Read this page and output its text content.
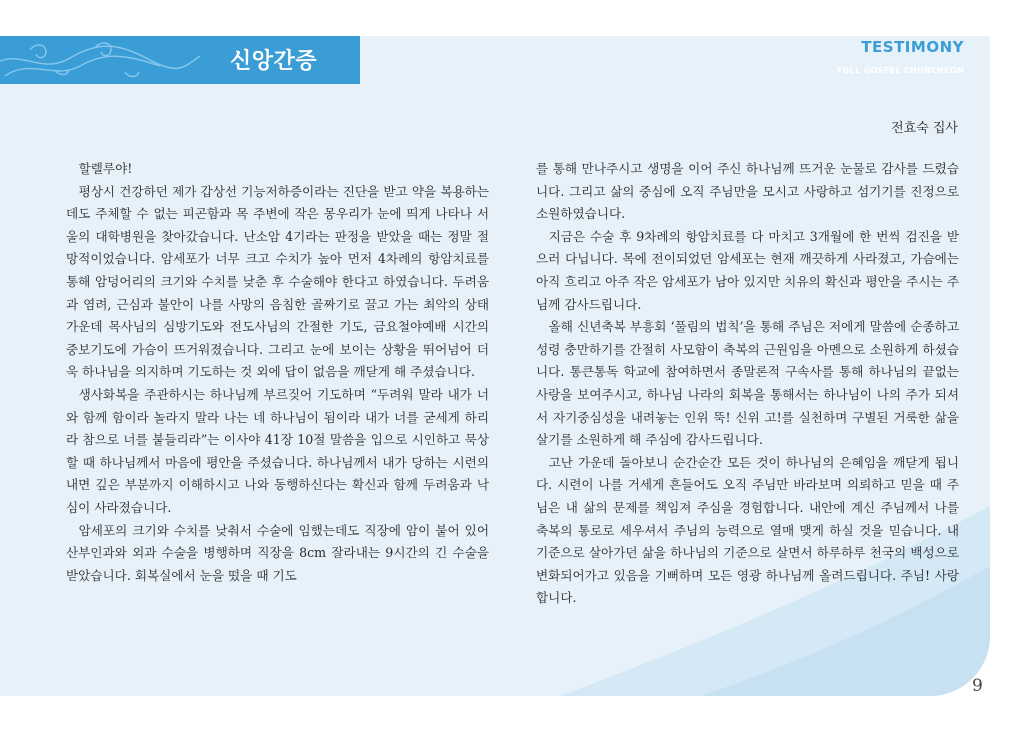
신앙간증
TESTIMONY
FULL GOSPEL CHUNCHEON
전효숙 집사

할렐루야!

평상시 건강하던 제가 갑상선 기능저하증이라는 진단을 받고 약을 복용하는데도 주체할 수 없는 피곤함과 목 주변에 작은 몽우리가 눈에 띄게 나타나 서울의 대학병원을 찾아갔습니다. 난소암 4기라는 판정을 받았을 때는 정말 절망적이었습니다. 암세포가 너무 크고 수치가 높아 먼저 4차례의 항암치료를 통해 암덩어리의 크기와 수치를 낮춘 후 수술해야 한다고 하였습니다. 두려움과 염려, 근심과 불안이 나를 사망의 음침한 골짜기로 끌고 가는 최악의 상태 가운데 목사님의 심방기도와 전도사님의 간절한 기도, 금요철야예배 시간의 중보기도에 가슴이 뜨거워졌습니다. 그리고 눈에 보이는 상황을 뛰어넘어 더욱 하나님을 의지하며 기도하는 것 외에 답이 없음을 깨닫게 해 주셨습니다.

생사화복을 주관하시는 하나님께 부르짖어 기도하며 “두려워 말라 내가 너와 함께 함이라 놀라지 말라 나는 네 하나님이 됨이라 내가 너를 굳세게 하리라 참으로 너를 붙들리라”는 이사야 41장 10절 말씀을 입으로 시인하고 묵상할 때 하나님께서 마음에 평안을 주셨습니다. 하나님께서 내가 당하는 시련의 내면 깊은 부분까지 이해하시고 나와 동행하신다는 확신과 함께 두려움과 낙심이 사라졌습니다.

암세포의 크기와 수치를 낮춰서 수술에 임했는데도 직장에 암이 붙어 있어 산부인과와 외과 수술을 병행하며 직장을 8cm 잘라내는 9시간의 긴 수술을 받았습니다. 회복실에서 눈을 떴을 때 기도

를 통해 만나주시고 생명을 이어 주신 하나님께 뜨거운 눈물로 감사를 드렸습니다. 그리고 삶의 중심에 오직 주님만을 모시고 사랑하고 섬기기를 진정으로 소원하였습니다.

지금은 수술 후 9차례의 항암치료를 다 마치고 3개월에 한 번씩 검진을 받으러 다닙니다. 목에 전이되었던 암세포는 현재 깨끗하게 사라졌고, 가슴에는 아직 흐리고 아주 작은 암세포가 남아 있지만 치유의 확신과 평안을 주시는 주님께 감사드립니다.

올해 신년축복 부흥회 ‘풀림의 법칙’을 통해 주님은 저에게 말씀에 순종하고 성령 충만하기를 간절히 사모함이 축복의 근원임을 아멘으로 소원하게 하셨습니다. 통큰통독 학교에 참여하면서 종말론적 구속사를 통해 하나님의 끝없는 사랑을 보여주시고, 하나님 나라의 회복을 통해서는 하나님이 나의 주가 되셔서 자기중심성을 내려놓는 인위 뚝! 신위 고!를 실천하며 구별된 거룩한 삶을 살기를 소원하게 해 주심에 감사드립니다.

고난 가운데 돌아보니 순간순간 모든 것이 하나님의 은혜임을 깨닫게 됩니다. 시련이 나를 거세게 흔들어도 오직 주님만 바라보며 의뢰하고 믿을 때 주님은 내 삶의 문제를 책임져 주심을 경험합니다. 내안에 계신 주님께서 나를 축복의 통로로 세우셔서 주님의 능력으로 열매 맺게 하실 것을 믿습니다. 내 기준으로 살아가던 삶을 하나님의 기준으로 살면서 하루하루 천국의 백성으로 변화되어가고 있음을 기뻐하며 모든 영광 하나님께 올려드립니다. 주님! 사랑합니다.

9
